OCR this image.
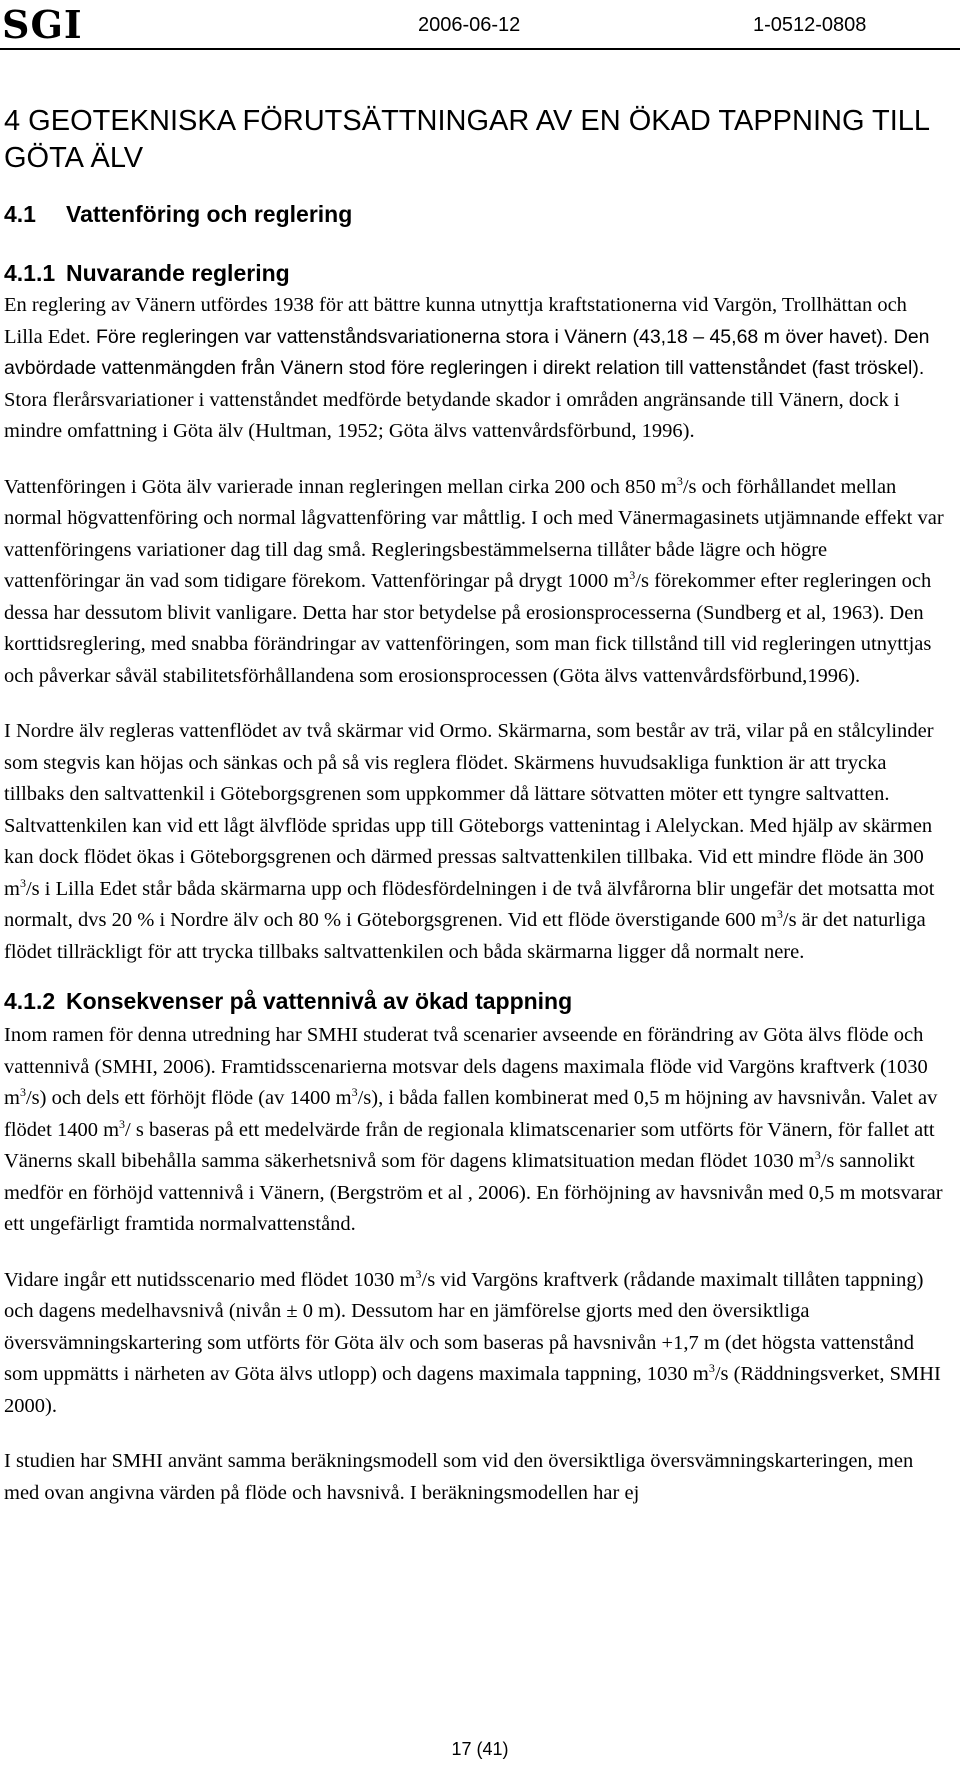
SGI	2006-06-12	1-0512-0808
4 GEOTEKNISKA FÖRUTSÄTTNINGAR AV EN ÖKAD TAPPNING TILL GÖTA ÄLV
4.1 Vattenföring och reglering
4.1.1 Nuvarande reglering

En reglering av Vänern utfördes 1938 för att bättre kunna utnyttja kraftstationerna vid Vargön, Trollhättan och Lilla Edet. Före regleringen var vattenståndsvariationerna stora i Vänern (43,18 – 45,68 m över havet). Den avbördade vattenmängden från Vänern stod före regleringen i direkt relation till vattenståndet (fast tröskel). Stora flerårsvariationer i vattenståndet medförde betydande skador i områden angränsande till Vänern, dock i mindre omfattning i Göta älv (Hultman, 1952; Göta älvs vattenvårdsförbund, 1996).

Vattenföringen i Göta älv varierade innan regleringen mellan cirka 200 och 850 $m^3/s$ och förhållandet mellan normal högvattenföring och normal lågvattenföring var måttlig. I och med Vänermagasinets utjämnande effekt var vattenföringens variationer dag till dag små. Regleringsbestämmelserna tillåter både lägre och högre vattenföringar än vad som tidigare förekom. Vattenföringar på drygt 1000 $m^3/s$ förekommer efter regleringen och dessa har dessutom blivit vanligare. Detta har stor betydelse på erosionsprocesserna (Sundberg et al, 1963). Den korttidsreglering, med snabba förändringar av vattenföringen, som man fick tillstånd till vid regleringen utnyttjas och påverkar såväl stabilitetsförhållandena som erosionsprocessen (Göta älvs vattenvårdsförbund,1996).

I Nordre älv regleras vattenflödet av två skärmar vid Ormo. Skärmarna, som består av trä, vilar på en stålcylinder som stegvis kan höjas och sänkas och på så vis reglera flödet. Skärmens huvudsakliga funktion är att trycka tillbaks den saltvattenkil i Göteborgsgrenen som uppkommer då lättare sötvatten möter ett tyngre saltvatten. Saltvattenkilen kan vid ett lågt älvflöde spridas upp till Göteborgs vattenintag i Alelyckan. Med hjälp av skärmen kan dock flödet ökas i Göteborgsgrenen och därmed pressas saltvattenkilen tillbaka. Vid ett mindre flöde än 300 $m^3/s$ i Lilla Edet står båda skärmarna upp och flödesfördelningen i de två älvfårorna blir ungefär det motsatta mot normalt, dvs 20 % i Nordre älv och 80 % i Göteborgsgrenen. Vid ett flöde överstigande 600 $m^3/s$ är det naturliga flödet tillräckligt för att trycka tillbaks saltvattenkilen och båda skärmarna ligger då normalt nere.

4.1.2 Konsekvenser på vattennivå av ökad tappning

Inom ramen för denna utredning har SMHI studerat två scenarier avseende en förändring av Göta älvs flöde och vattennivå (SMHI, 2006). Framtidsscenarierna motsvar dels dagens maximala flöde vid Vargöns kraftverk (1030 $m^3/s$) och dels ett förhöjt flöde (av 1400 $m^3/s$), i båda fallen kombinerat med 0,5 m höjning av havsnivån. Valet av flödet 1400 $m^3/$ s baseras på ett medelvärde från de regionala klimatscenarier som utförts för Vänern, för fallet att Vänerns skall bibehålla samma säkerhetsnivå som för dagens klimatsituation medan flödet 1030 $m^3/s$ sannolikt medför en förhöjd vattennivå i Vänern, (Bergström et al , 2006). En förhöjning av havsnivån med 0,5 m motsvarar ett ungefärligt framtida normalvattenstånd.

Vidare ingår ett nutidsscenario med flödet 1030 $m^3/s$ vid Vargöns kraftverk (rådande maximalt tillåten tappning) och dagens medelhavsnivå (nivån ± 0 m). Dessutom har en jämförelse gjorts med den översiktliga översvämningskartering som utförts för Göta älv och som baseras på havsnivån +1,7 m (det högsta vattenstånd som uppmätts i närheten av Göta älvs utlopp) och dagens maximala tappning, 1030 $m^3/s$ (Räddningsverket, SMHI 2000).

I studien har SMHI använt samma beräkningsmodell som vid den översiktliga översvämningskarteringen, men med ovan angivna värden på flöde och havsnivå. I beräkningsmodellen har ej

17 (41)
